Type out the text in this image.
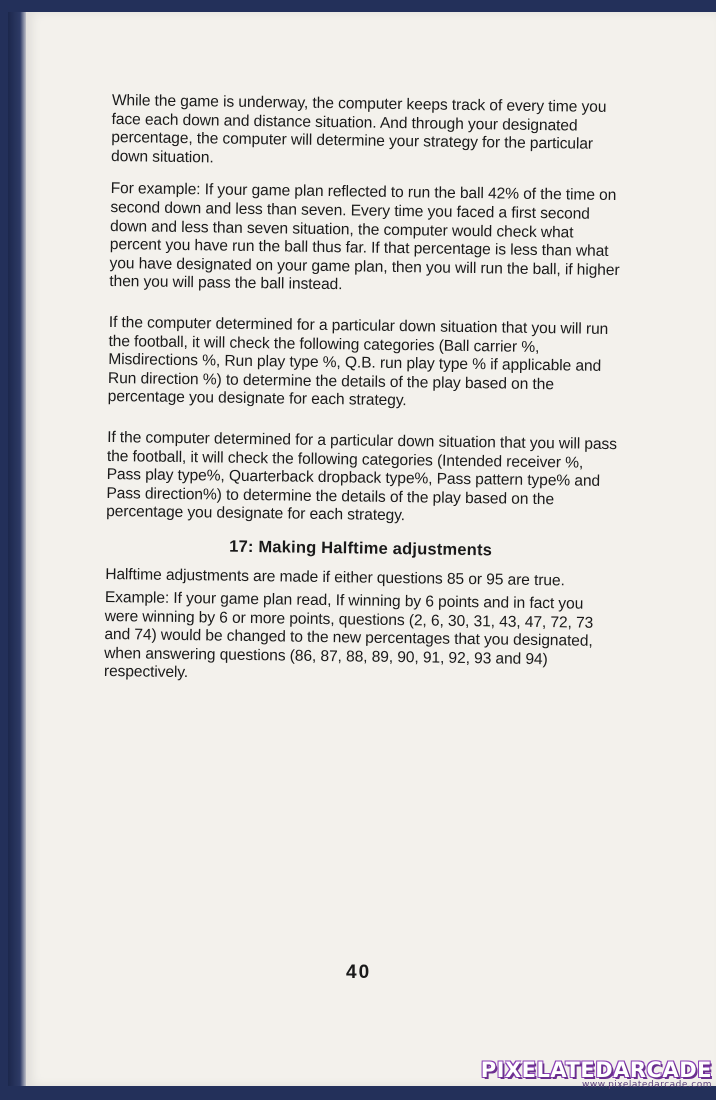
While the game is underway, the computer keeps track of every time you face each down and distance situation. And through your designated percentage, the computer will determine your strategy for the particular down situation.

For example: If your game plan reflected to run the ball 42% of the time on second down and less than seven. Every time you faced a first second down and less than seven situation, the computer would check what percent you have run the ball thus far. If that percentage is less than what you have designated on your game plan, then you will run the ball, if higher then you will pass the ball instead.

If the computer determined for a particular down situation that you will run the football, it will check the following categories (Ball carrier %, Misdirections %, Run play type %, Q.B. run play type % if applicable and Run direction %) to determine the details of the play based on the percentage you designate for each strategy.

If the computer determined for a particular down situation that you will pass the football, it will check the following categories (Intended receiver %, Pass play type%, Quarterback dropback type%, Pass pattern type% and Pass direction%) to determine the details of the play based on the percentage you designate for each strategy.

17: Making Halftime adjustments

Halftime adjustments are made if either questions 85 or 95 are true.

Example: If your game plan read, If winning by 6 points and in fact you were winning by 6 or more points, questions (2, 6, 30, 31, 43, 47, 72, 73 and 74) would be changed to the new percentages that you designated, when answering questions (86, 87, 88, 89, 90, 91, 92, 93 and 94) respectively.

40
PIXELATEDARCADE
www.pixelatedarcade.com
